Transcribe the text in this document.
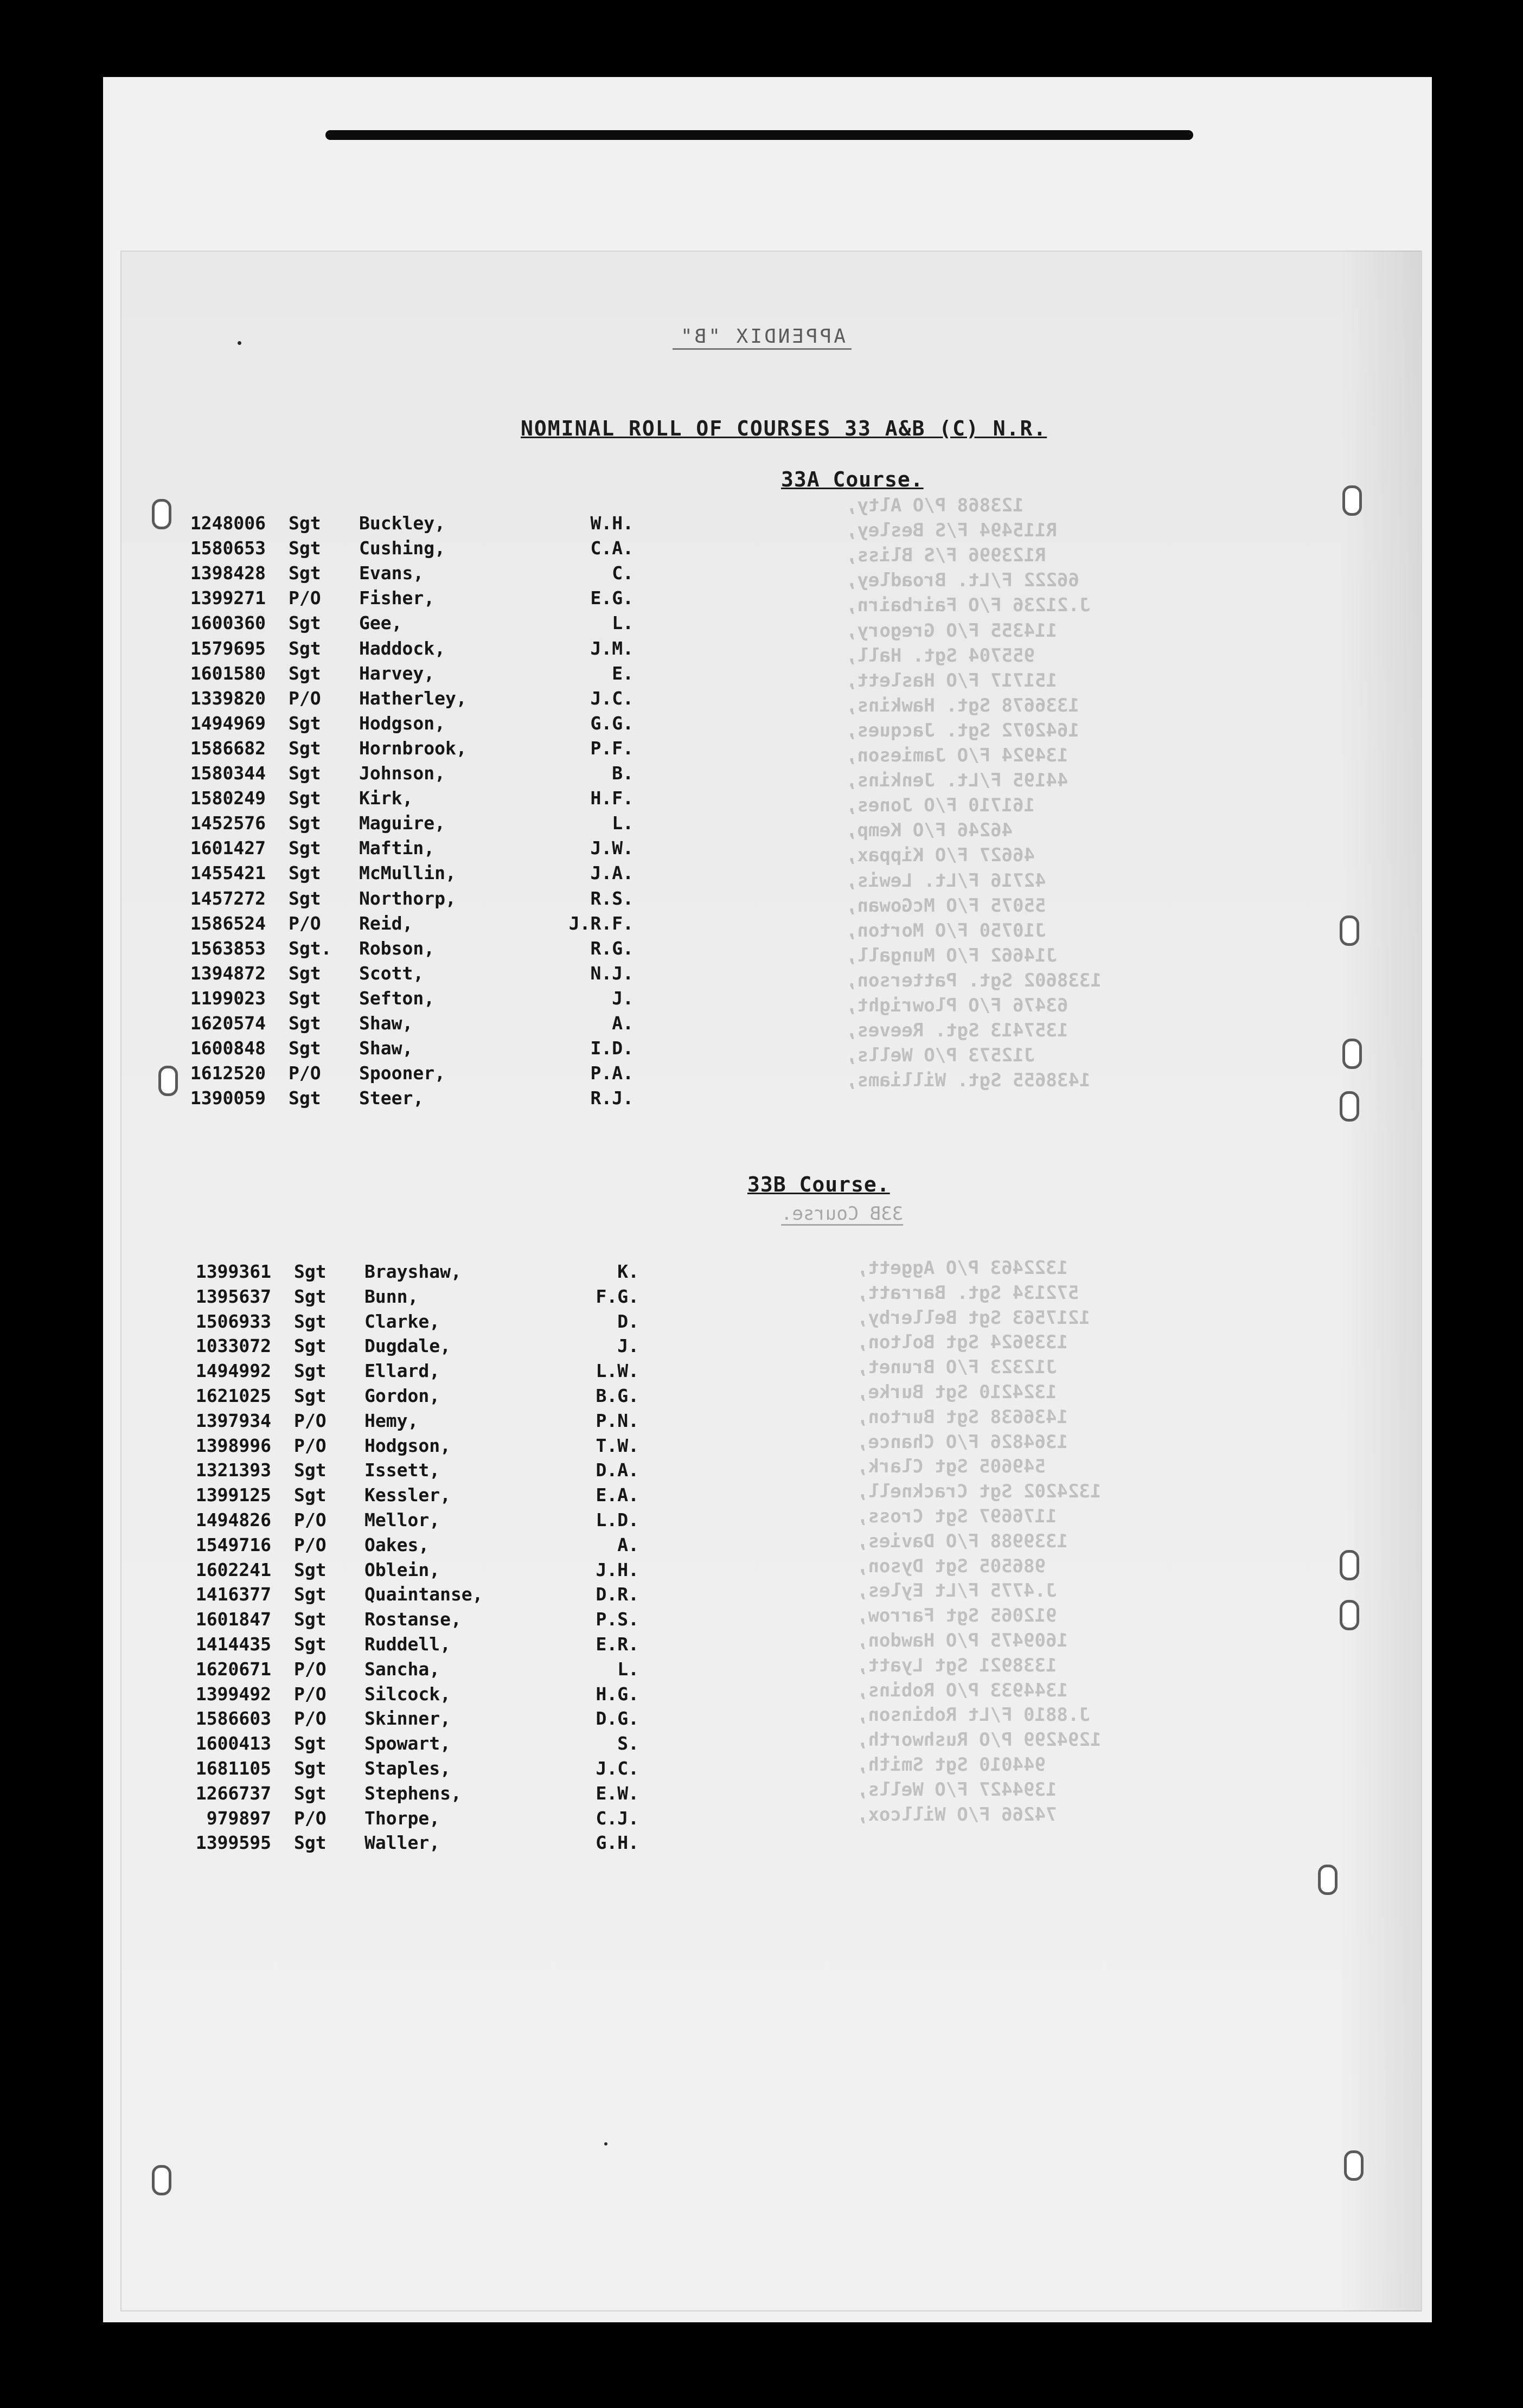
APPENDIX "B"
NOMINAL ROLL OF COURSES 33 A&B (C) N.R.
33A Course.
33B Course.
33B Course.
123868 P/O Alty,
R115494 F/S Besley,
R123996 F/S Bliss,
66222 F/Lt. Broadley,
J.21236 F/O Fairbairn,
114355 F/O Gregory,
955704 Sgt. Hall,
151717 F/O Haslett,
1336678 Sgt. Hawkins,
1642072 Sgt. Jacques,
134924 F/O Jamieson,
44195 F/Lt. Jenkins,
161710 F/O Jones,
46246 F/O Kemp,
46627 F/O Kippax,
42716 F/Lt. Lewis,
55075 F/O McGowan,
J10750 F/O Morton,
J14662 F/O Mungall,
1338602 Sgt. Patterson,
63476 F/O Plowright,
1357413 Sgt. Reeves,
J12573 P/O Wells,
1438655 Sgt. Williams,
1322463 P/O Aggett,
572134 Sgt. Barratt,
1217563 Sgt Bellerby,
1339624 Sgt Bolton,
J12323 F/O Brunet,
1324210 Sgt Burke,
1436638 Sgt Burton,
1364826 F/O Chance,
549605 Sgt Clark,
1324202 Sgt Cracknell,
1176697 Sgt Cross,
1339988 F/O Davies,
986505 Sgt Dyson,
J.4775 F/Lt Eyles,
912065 Sgt Farrow,
1609475 P/O Hawdon,
1338921 Sgt Lyatt,
1344933 P/O Robins,
J.8810 F/Lt Robinson,
1294299 P/O Rushworth,
944010 Sgt Smith,
1394427 F/O Wells,
74266 F/O Willcox,
1248006 Sgt Buckley,	W.H.
1580653 Sgt Cushing,	C.A.
1398428 Sgt Evans,	C.
1399271 P/O Fisher,	E.G.
1600360 Sgt Gee,	L.
1579695 Sgt Haddock,	J.M.
1601580 Sgt Harvey,	E.
1339820 P/O Hatherley,	J.C.
1494969 Sgt Hodgson,	G.G.
1586682 Sgt Hornbrook,	P.F.
1580344 Sgt Johnson,	B.
1580249 Sgt Kirk,	H.F.
1452576 Sgt Maguire,	L.
1601427 Sgt Maftin,	J.W.
1455421 Sgt McMullin,	J.A.
1457272 Sgt Northorp,	R.S.
1586524 P/O Reid,	J.R.F.
1563853 Sgt. Robson,	R.G.
1394872 Sgt Scott,	N.J.
1199023 Sgt Sefton,	J.
1620574 Sgt Shaw,	A.
1600848 Sgt Shaw,	I.D.
1612520 P/O Spooner,	P.A.
1390059 Sgt Steer,	R.J.
1399361 Sgt Brayshaw,	K.
1395637 Sgt Bunn,	F.G.
1506933 Sgt Clarke,	D.
1033072 Sgt Dugdale,	J.
1494992 Sgt Ellard,	L.W.
1621025 Sgt Gordon,	B.G.
1397934 P/O Hemy,	P.N.
1398996 P/O Hodgson,	T.W.
1321393 Sgt Issett,	D.A.
1399125 Sgt Kessler,	E.A.
1494826 P/O Mellor,	L.D.
1549716 P/O Oakes,	A.
1602241 Sgt Oblein,	J.H.
1416377 Sgt Quaintanse,	D.R.
1601847 Sgt Rostanse,	P.S.
1414435 Sgt Ruddell,	E.R.
1620671 P/O Sancha,	L.
1399492 P/O Silcock,	H.G.
1586603 P/O Skinner,	D.G.
1600413 Sgt Spowart,	S.
1681105 Sgt Staples,	J.C.
1266737 Sgt Stephens,	E.W.
979897 P/O Thorpe,	C.J.
1399595 Sgt Waller,	G.H.
